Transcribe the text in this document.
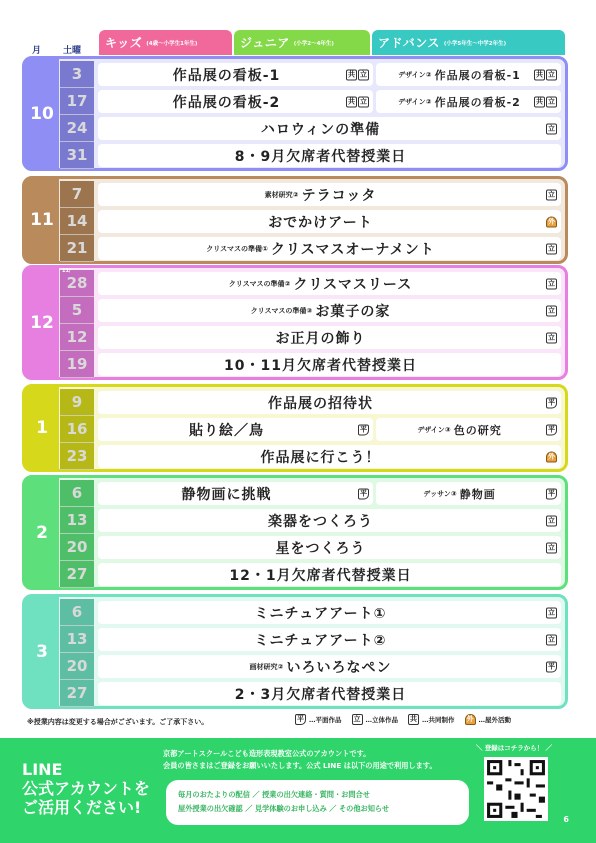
月 土曜
キッズ (4歳〜小学生1年生)	ジュニア (小学2〜4年生)	アドバンス (小学5年生〜中学2年生)
10
3	作品展の看板-1	共 立	デザイン② 作品展の看板-1 共 立
17	作品展の看板-2	共 立	デザイン② 作品展の看板-2 共 立
24	ハロウィンの準備	立
31	8・9月欠席者代替授業日
11
7	素材研究② テラコッタ	立
14	おでかけアート	外
21	クリスマスの準備① クリスマスオーナメント	立
12
11/
28	クリスマスの準備② クリスマスリース	立
5	クリスマスの準備③ お菓子の家	立
12	お正月の飾り	立
19	10・11月欠席者代替授業日
1
9	作品展の招待状	平
16	貼り絵／鳥	平	デザイン③ 色の研究	平
23	作品展に行こう！	外
2
6	静物画に挑戦	平	デッサン③ 静物画	平
13	楽器をつくろう	立
20	星をつくろう	立
27	12・1月欠席者代替授業日
3
6	ミニチュアアート①	立
13	ミニチュアアート②	立
20	画材研究② いろいろなペン	平
27	2・3月欠席者代替授業日
※授業内容は変更する場合がございます。ご了承下さい。	平 …平面作品 立 …立体作品 共 …共同制作 外 …屋外活動
LINE
公式アカウントを
ご活用ください!
京都アートスクールこども造形表現教室公式のアカウントです。
会員の皆さまはご登録をお願いいたします。公式 LINE は以下の用途で利用します。
毎月のおたよりの配信 ／ 授業の出欠連絡・質問・お問合せ
屋外授業の出欠確認 ／ 見学体験のお申し込み ／ その他お知らせ
＼ 登録はコチラから！ ／
6
